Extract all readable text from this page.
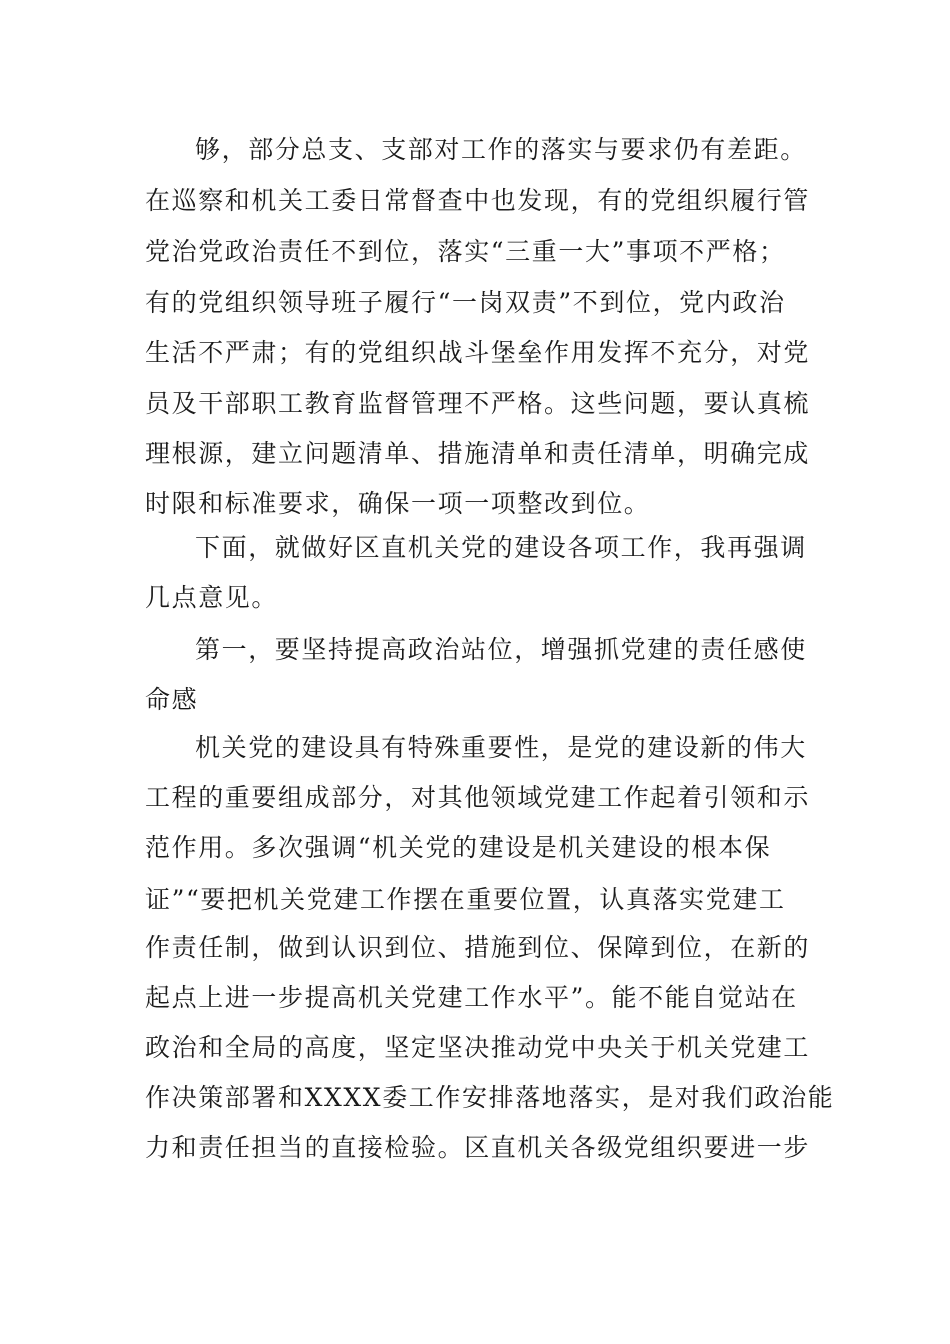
够，部分总支、支部对工作的落实与要求仍有差距。
在巡察和机关工委日常督查中也发现，有的党组织履行管
党治党政治责任不到位，落实“三重一大”事项不严格；
有的党组织领导班子履行“一岗双责”不到位，党内政治
生活不严肃；有的党组织战斗堡垒作用发挥不充分，对党
员及干部职工教育监督管理不严格。这些问题，要认真梳
理根源，建立问题清单、措施清单和责任清单，明确完成
时限和标准要求，确保一项一项整改到位。
下面，就做好区直机关党的建设各项工作，我再强调
几点意见。
第一，要坚持提高政治站位，增强抓党建的责任感使
命感
机关党的建设具有特殊重要性，是党的建设新的伟大
工程的重要组成部分，对其他领域党建工作起着引领和示
范作用。多次强调“机关党的建设是机关建设的根本保
证”“要把机关党建工作摆在重要位置，认真落实党建工
作责任制，做到认识到位、措施到位、保障到位，在新的
起点上进一步提高机关党建工作水平”。能不能自觉站在
政治和全局的高度，坚定坚决推动党中央关于机关党建工
作决策部署和XXXX委工作安排落地落实，是对我们政治能
力和责任担当的直接检验。区直机关各级党组织要进一步
